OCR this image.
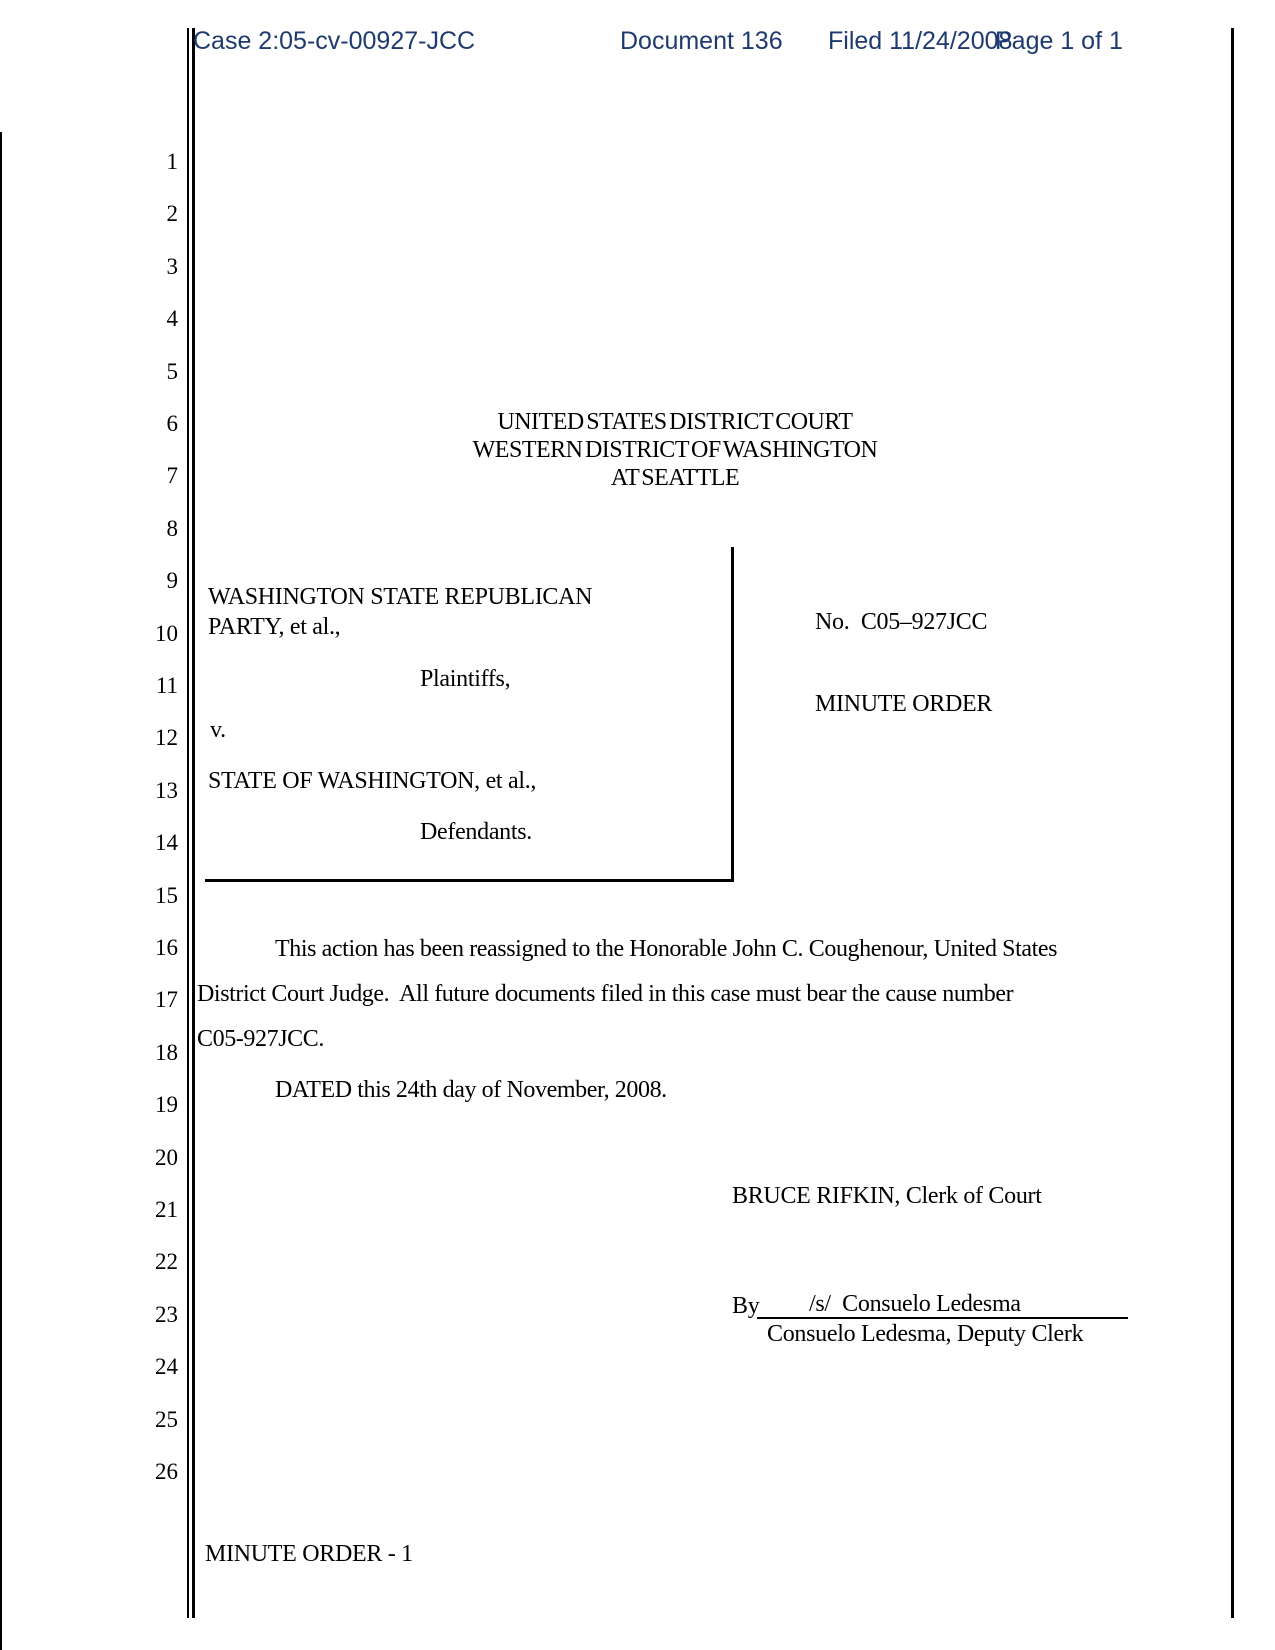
1
2
3
4
5
6
7
8
9
10
11
12
13
14
15
16
17
18
19
20
21
22
23
24
25
26
Case 2:05-cv-00927-JCC	Document 136 Filed 11/24/2008
Page 1 of 1
UNITED STATES DISTRICT COURT
WESTERN DISTRICT OF WASHINGTON
AT SEATTLE
WASHINGTON STATE REPUBLICAN
PARTY, et al.,
Plaintiffs,
v.
STATE OF WASHINGTON, et al.,
Defendants.
No.  C05–927JCC
MINUTE ORDER
This action has been reassigned to the Honorable John C. Coughenour, United States
District Court Judge.  All future documents filed in this case must bear the cause number
C05-927JCC.
DATED this 24th day of November, 2008.
BRUCE RIFKIN, Clerk of Court
By	/s/  Consuelo Ledesma
Consuelo Ledesma, Deputy Clerk
MINUTE ORDER - 1
